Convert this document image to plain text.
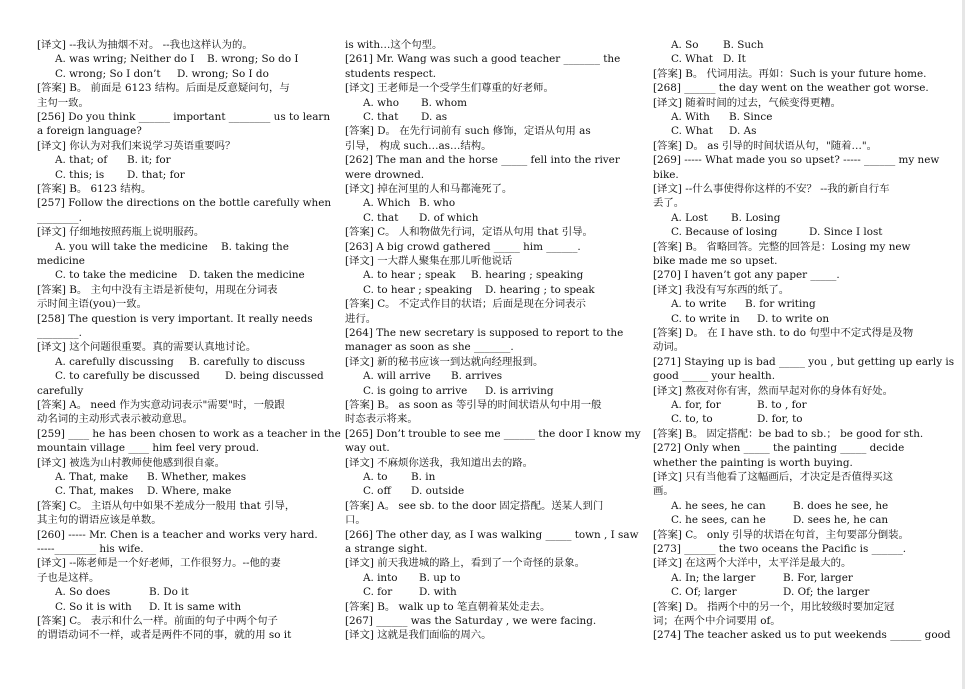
[译文] --我认为抽烟不对。 --我也这样认为的。
A. was wring; Neither do I B. wrong; So do I
C. wrong; So I don’t D. wrong; So I do
[答案] B。 前面是 6123 结构。后面是反意疑问句，与
主句一致。
[256] Do you think ______ important ________ us to learn
a foreign language?
[译文] 你认为对我们来说学习英语重要吗？
A. that; of B. it; for
C. this; is D. that; for
[答案] B。 6123 结构。
[257] Follow the directions on the bottle carefully when
________.
[译文] 仔细地按照药瓶上说明服药。
A. you will take the medicine B. taking the
medicine
C. to take the medicine D. taken the medicine
[答案] B。 主句中没有主语是祈使句，用现在分词表
示时间主语(you)一致。
[258] The question is very important. It really needs
________.
[译文] 这个问题很重要。真的需要认真地讨论。
A. carefully discussing B. carefully to discuss
C. to carefully be discussed D. being discussed
carefully
[答案] A。 need 作为实意动词表示"需要"时，一般跟
动名词的主动形式表示被动意思。
[259] ____ he has been chosen to work as a teacher in the
mountain village ____ him feel very proud.
[译文] 被选为山村教师使他感到很自豪。
A. That, make B. Whether, makes
C. That, makes D. Where, make
[答案] C。 主语从句中如果不差成分一般用 that 引导，
其主句的谓语应该是单数。
[260] ----- Mr. Chen is a teacher and works very hard.
-----________ his wife.
[译文] --陈老师是一个好老师，工作很努力。--他的妻
子也是这样。
A. So does	B. Do it
C. So it is with D. It is same with
[答案] C。 表示和什么一样。前面的句子中两个句子
的谓语动词不一样，或者是两件不同的事，就的用 so it
is with…这个句型。
[261] Mr. Wang was such a good teacher _______ the
students respect.
[译文] 王老师是一个受学生们尊重的好老师。
A. who B. whom
C. that D. as
[答案] D。 在先行词前有 such 修饰，定语从句用 as
引导， 构成 such…as…结构。
[262] The man and the horse _____ fell into the river
were drowned.
[译文] 掉在河里的人和马都淹死了。
A. Which B. who
C. that D. of which
[答案] C。 人和物做先行词，定语从句用 that 引导。
[263] A big crowd gathered _____ him ______.
[译文] 一大群人聚集在那儿听他说话
A. to hear ; speak B. hearing ; speaking
C. to hear ; speaking D. hearing ; to speak
[答案] C。 不定式作目的状语；后面是现在分词表示
进行。
[264] The new secretary is supposed to report to the
manager as soon as she _______.
[译文] 新的秘书应该一到达就向经理报到。
A. will arrive B. arrives
C. is going to arrive D. is arriving
[答案] B。 as soon as 等引导的时间状语从句中用一般
时态表示将来。
[265] Don’t trouble to see me ______ the door I know my
way out.
[译文] 不麻烦你送我，我知道出去的路。
A. to B. in
C. off D. outside
[答案] A。 see sb. to the door 固定搭配。送某人到门
口。
[266] The other day, as I was walking _____ town , I saw
a strange sight.
[译文] 前天我进城的路上，看到了一个奇怪的景象。
A. into B. up to
C. for	D. with
[答案] B。 walk up to 笔直朝着某处走去。
[267] ______ was the Saturday , we were facing.
[译文] 这就是我们面临的周六。
A. So B. Such
C. What D. It
[答案] B。 代词用法。再如：Such is your future home.
[268] ______ the day went on the weather got worse.
[译文] 随着时间的过去，气候变得更糟。
A. With B. Since
C. What D. As
[答案] D。 as 引导的时间状语从句，"随着…"。
[269] ----- What made you so upset? ----- ______ my new
bike.
[译文] --什么事使得你这样的不安？ --我的新自行车
丢了。
A. Lost B. Losing
C. Because of losing	D. Since I lost
[答案] B。 省略回答。完整的回答是：Losing my new
bike made me so upset.
[270] I haven’t got any paper _____.
[译文] 我没有写东西的纸了。
A. to write B. for writing
C. to write in D. to write on
[答案] D。 在 I have sth. to do 句型中不定式得是及物
动词。
[271] Staying up is bad _____ you , but getting up early is
good _____ your health.
[译文] 熬夜对你有害，然而早起对你的身体有好处。
A. for, for	B. to , for
C. to, to	D. for, to
[答案] B。 固定搭配：be bad to sb.； be good for sth.
[272] Only when _____ the painting _____ decide
whether the painting is worth buying.
[译文] 只有当他看了这幅画后，才决定是否值得买这
画。
A. he sees, he can	B. does he see, he
C. he sees, can he	D. sees he, he can
[答案] C。 only 引导的状语在句首，主句要部分倒装。
[273] ______ the two oceans the Pacific is ______.
[译文] 在这两个大洋中，太平洋是最大的。
A. In; the larger	B. For, larger
C. Of; larger	D. Of; the larger
[答案] D。 指两个中的另一个，用比较级时要加定冠
词；在两个中介词要用 of。
[274] The teacher asked us to put weekends ______ good
